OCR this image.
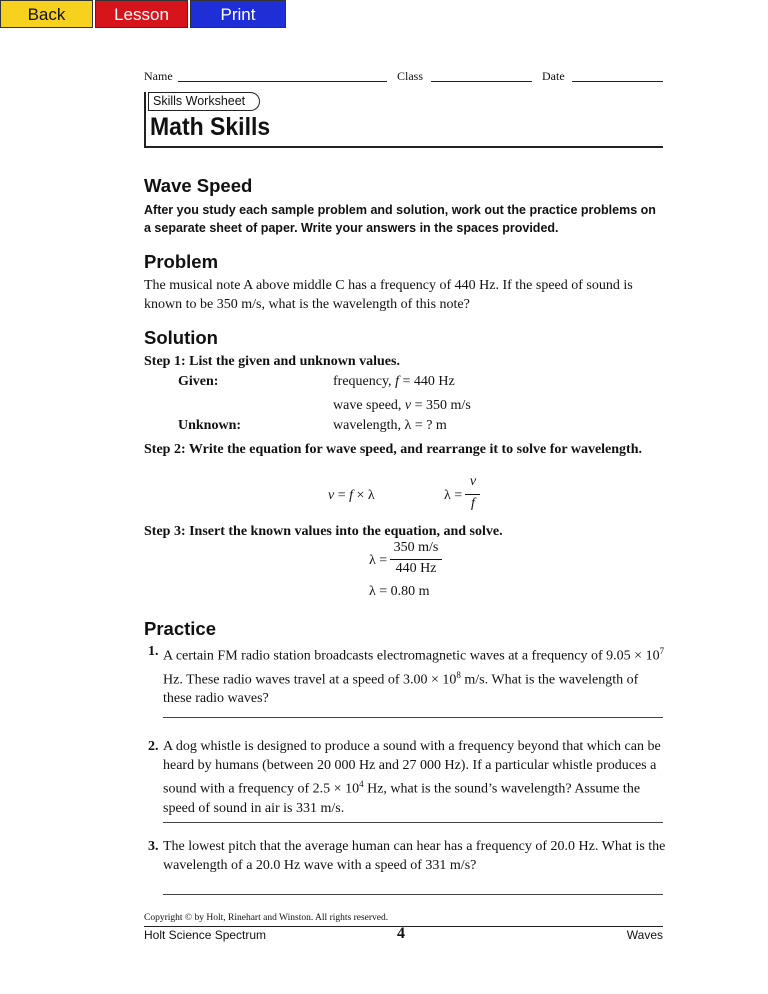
Back	Lesson	Print
Name	Class	Date
Skills Worksheet
Math Skills
Wave Speed
After you study each sample problem and solution, work out the practice problems on a separate sheet of paper. Write your answers in the spaces provided.
Problem
The musical note A above middle C has a frequency of 440 Hz. If the speed of sound is known to be 350 m/s, what is the wavelength of this note?
Solution
Step 1: List the given and unknown values.
Given:	frequency, f = 440 Hz
wave speed, v = 350 m/s
Unknown:	wavelength, λ = ? m
Step 2: Write the equation for wave speed, and rearrange it to solve for wavelength.
v = f × λ	λ =
v
f
Step 3: Insert the known values into the equation, and solve.
λ =
350 m/s
440 Hz
λ = 0.80 m
Practice
1. A certain FM radio station broadcasts electromagnetic waves at a frequency of $9.05 \times 10^7$ Hz. These radio waves travel at a speed of $3.00 \times 10^8$ m/s. What is the wavelength of these radio waves?
2. A dog whistle is designed to produce a sound with a frequency beyond that which can be heard by humans (between 20 000 Hz and 27 000 Hz). If a particular whistle produces a sound with a frequency of $2.5 \times 10^4$ Hz, what is the sound’s wavelength? Assume the speed of sound in air is 331 m/s.
3. The lowest pitch that the average human can hear has a frequency of 20.0 Hz. What is the wavelength of a 20.0 Hz wave with a speed of 331 m/s?
Copyright © by Holt, Rinehart and Winston. All rights reserved.
Holt Science Spectrum	4	Waves
